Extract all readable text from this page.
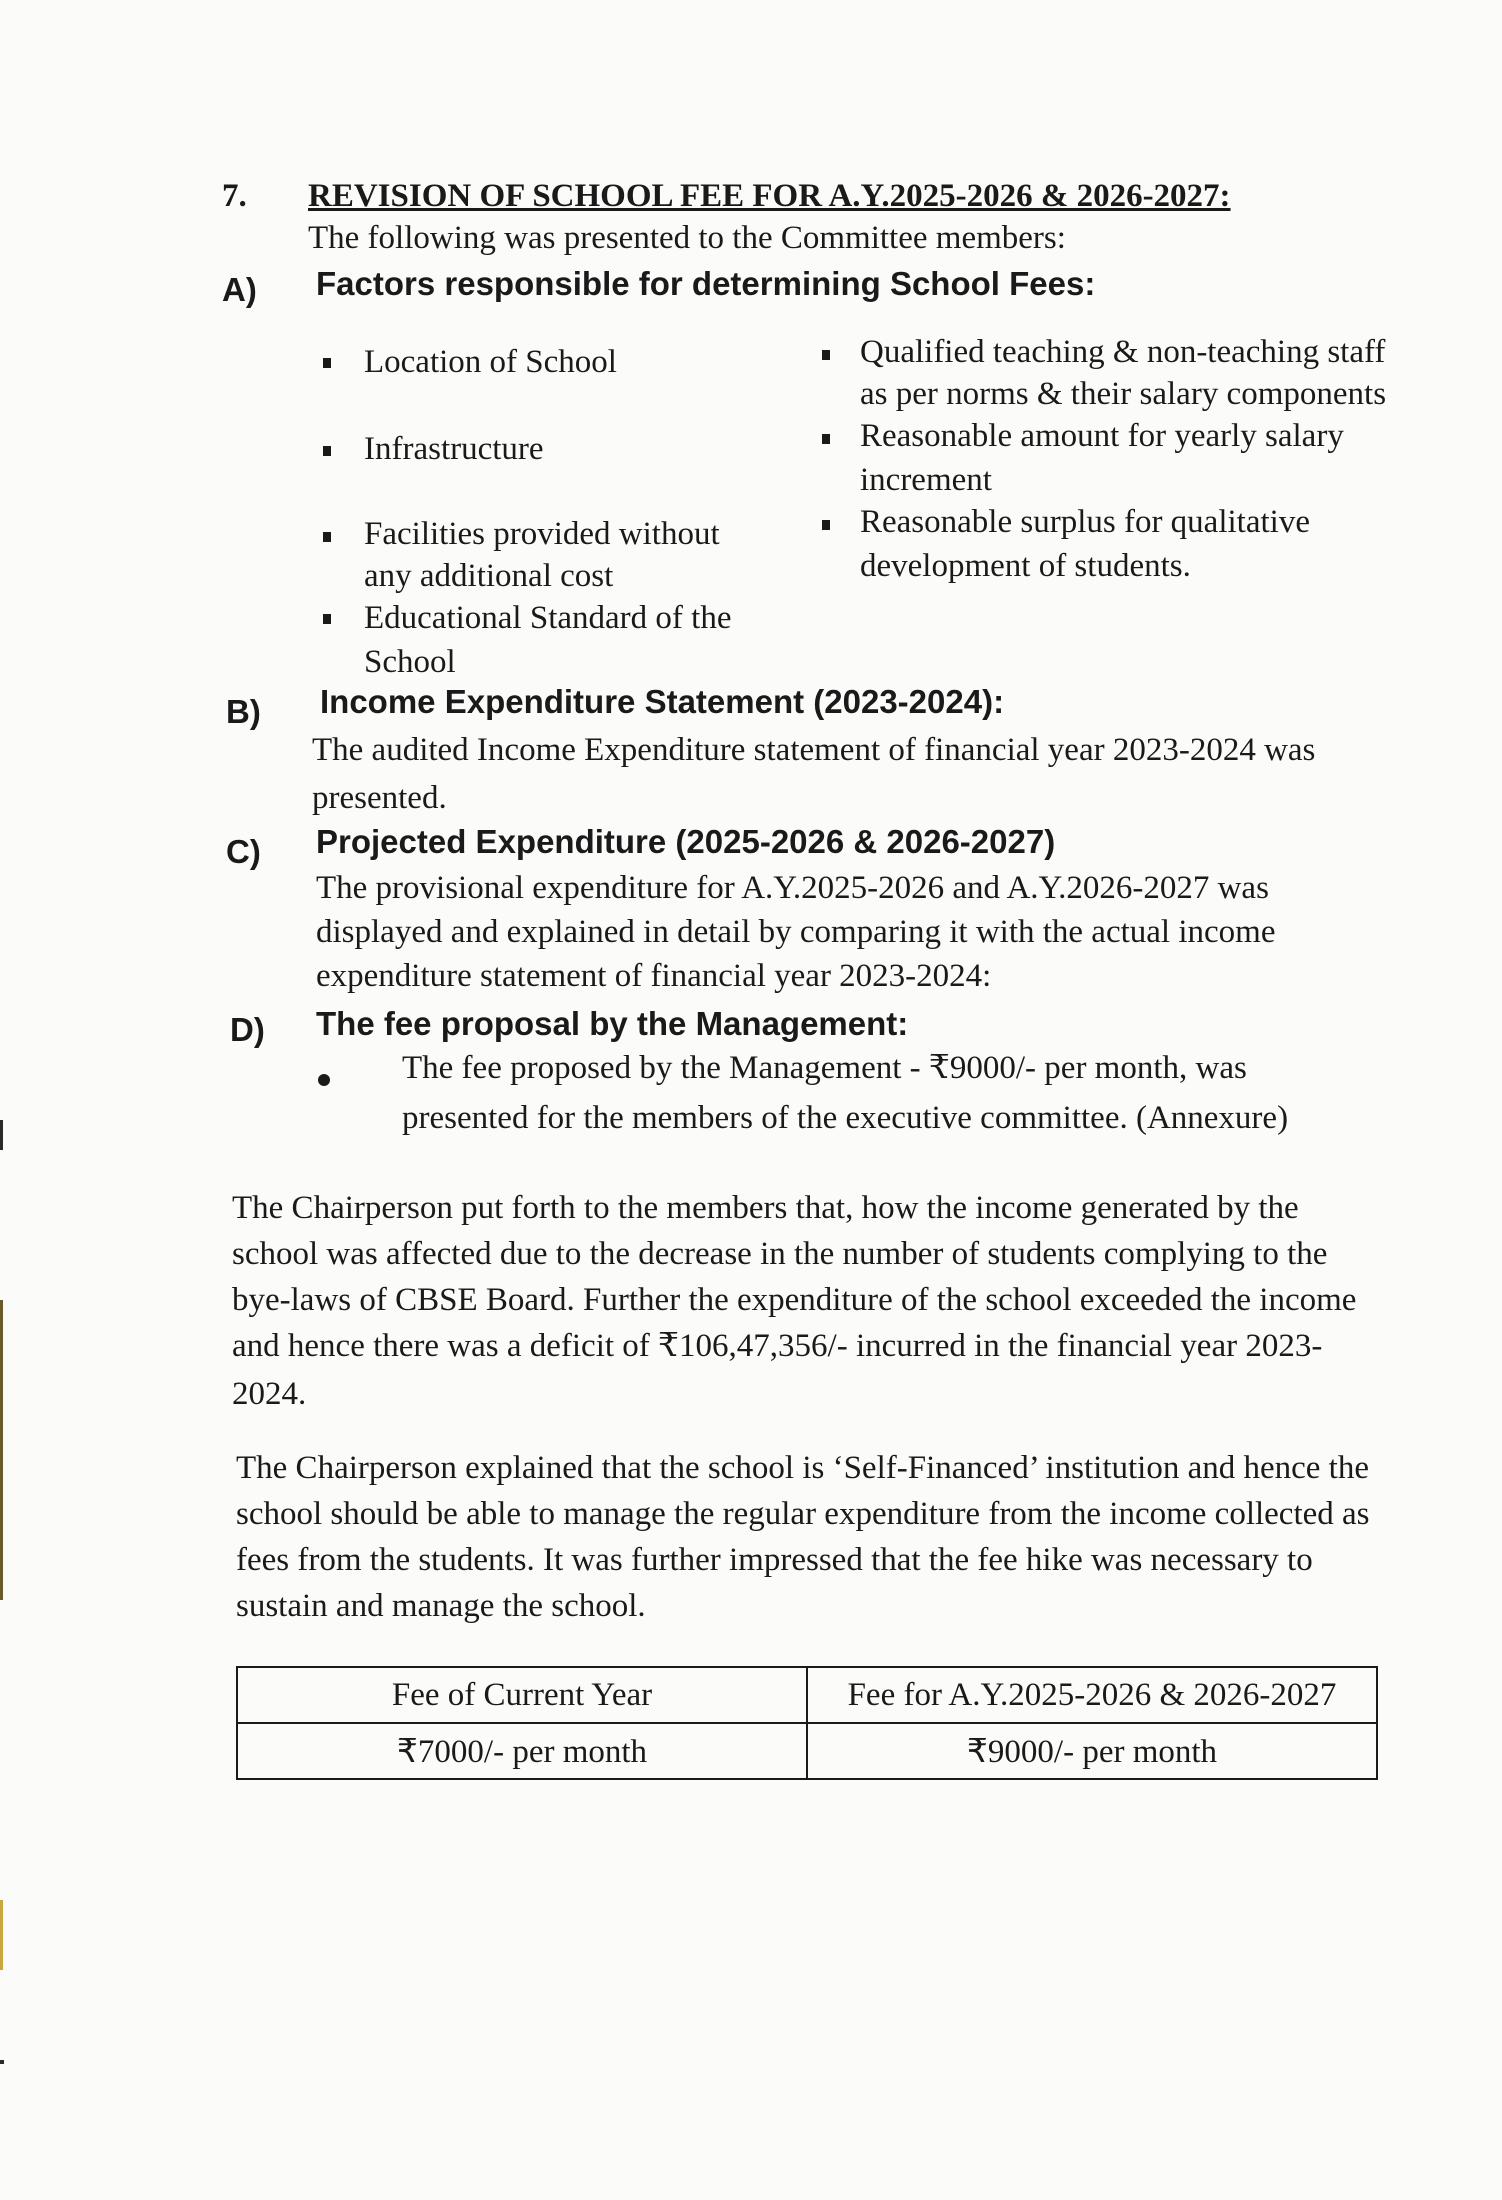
7. REVISION OF SCHOOL FEE FOR A.Y.2025-2026 & 2026-2027:
The following was presented to the Committee members:
A) Factors responsible for determining School Fees:
Location of School
Infrastructure
Facilities provided without
any additional cost
Educational Standard of the
School
Qualified teaching & non-teaching staff
as per norms & their salary components
Reasonable amount for yearly salary
increment
Reasonable surplus for qualitative
development of students.
B) Income Expenditure Statement (2023-2024):
The audited Income Expenditure statement of financial year 2023-2024 was
presented.
C) Projected Expenditure (2025-2026 & 2026-2027)
The provisional expenditure for A.Y.2025-2026 and A.Y.2026-2027 was
displayed and explained in detail by comparing it with the actual income
expenditure statement of financial year 2023-2024:
D) The fee proposal by the Management:
The fee proposed by the Management - ₹9000/- per month, was
presented for the members of the executive committee. (Annexure)
The Chairperson put forth to the members that, how the income generated by the
school was affected due to the decrease in the number of students complying to the
bye-laws of CBSE Board. Further the expenditure of the school exceeded the income
and hence there was a deficit of ₹106,47,356/- incurred in the financial year 2023-
2024.
The Chairperson explained that the school is ‘Self-Financed’ institution and hence the
school should be able to manage the regular expenditure from the income collected as
fees from the students. It was further impressed that the fee hike was necessary to
sustain and manage the school.
Fee of Current Year	Fee for A.Y.2025-2026 & 2026-2027
₹7000/- per month	₹9000/- per month
